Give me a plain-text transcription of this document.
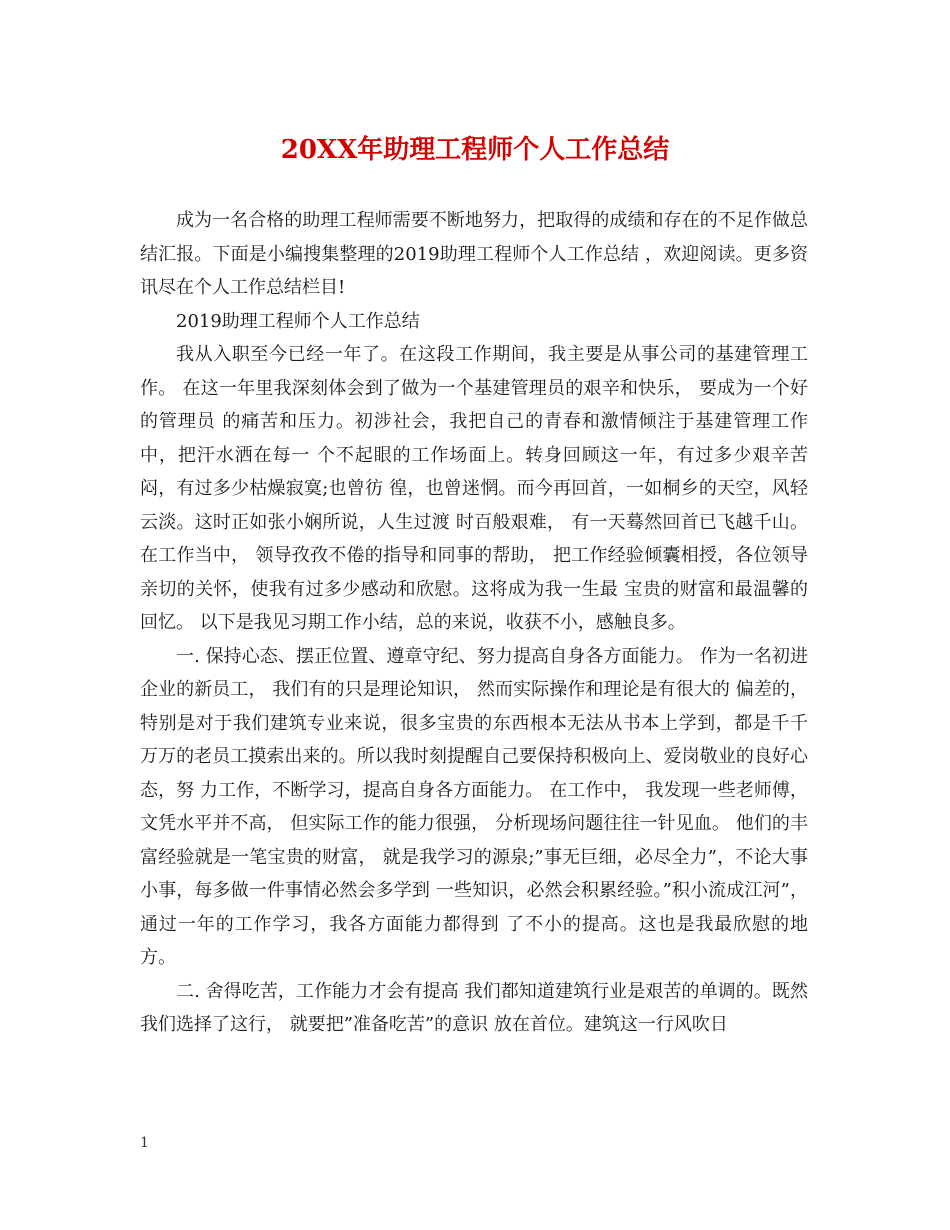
20XX年助理工程师个人工作总结

成为一名合格的助理工程师需要不断地努力，把取得的成绩和存在的不足作做总结汇报。下面是小编搜集整理的2019助理工程师个人工作总结 ，欢迎阅读。更多资讯尽在个人工作总结栏目!

2019助理工程师个人工作总结

我从入职至今已经一年了。在这段工作期间，我主要是从事公司的基建管理工作。 在这一年里我深刻体会到了做为一个基建管理员的艰辛和快乐， 要成为一个好的管理员 的痛苦和压力。初涉社会，我把自己的青春和激情倾注于基建管理工作中，把汗水洒在每一 个不起眼的工作场面上。转身回顾这一年，有过多少艰辛苦闷，有过多少枯燥寂寞;也曾彷 徨，也曾迷惘。而今再回首，一如桐乡的天空，风轻云淡。这时正如张小娴所说，人生过渡 时百般艰难， 有一天蓦然回首已飞越千山。 在工作当中， 领导孜孜不倦的指导和同事的帮助， 把工作经验倾囊相授，各位领导亲切的关怀，使我有过多少感动和欣慰。这将成为我一生最 宝贵的财富和最温馨的回忆。 以下是我见习期工作小结，总的来说，收获不小，感触良多。

一. 保持心态、摆正位置、遵章守纪、努力提高自身各方面能力。 作为一名初进企业的新员工， 我们有的只是理论知识， 然而实际操作和理论是有很大的 偏差的，特别是对于我们建筑专业来说，很多宝贵的东西根本无法从书本上学到，都是千千 万万的老员工摸索出来的。所以我时刻提醒自己要保持积极向上、爱岗敬业的良好心态，努 力工作，不断学习，提高自身各方面能力。 在工作中， 我发现一些老师傅， 文凭水平并不高， 但实际工作的能力很强， 分析现场问题往往一针见血。 他们的丰富经验就是一笔宝贵的财富， 就是我学习的源泉;”事无巨细，必尽全力”，不论大事小事，每多做一件事情必然会多学到 一些知识，必然会积累经验。”积小流成江河”，通过一年的工作学习，我各方面能力都得到 了不小的提高。这也是我最欣慰的地方。

二. 舍得吃苦，工作能力才会有提高 我们都知道建筑行业是艰苦的单调的。既然我们选择了这行， 就要把”准备吃苦”的意识 放在首位。建筑这一行风吹日

1
